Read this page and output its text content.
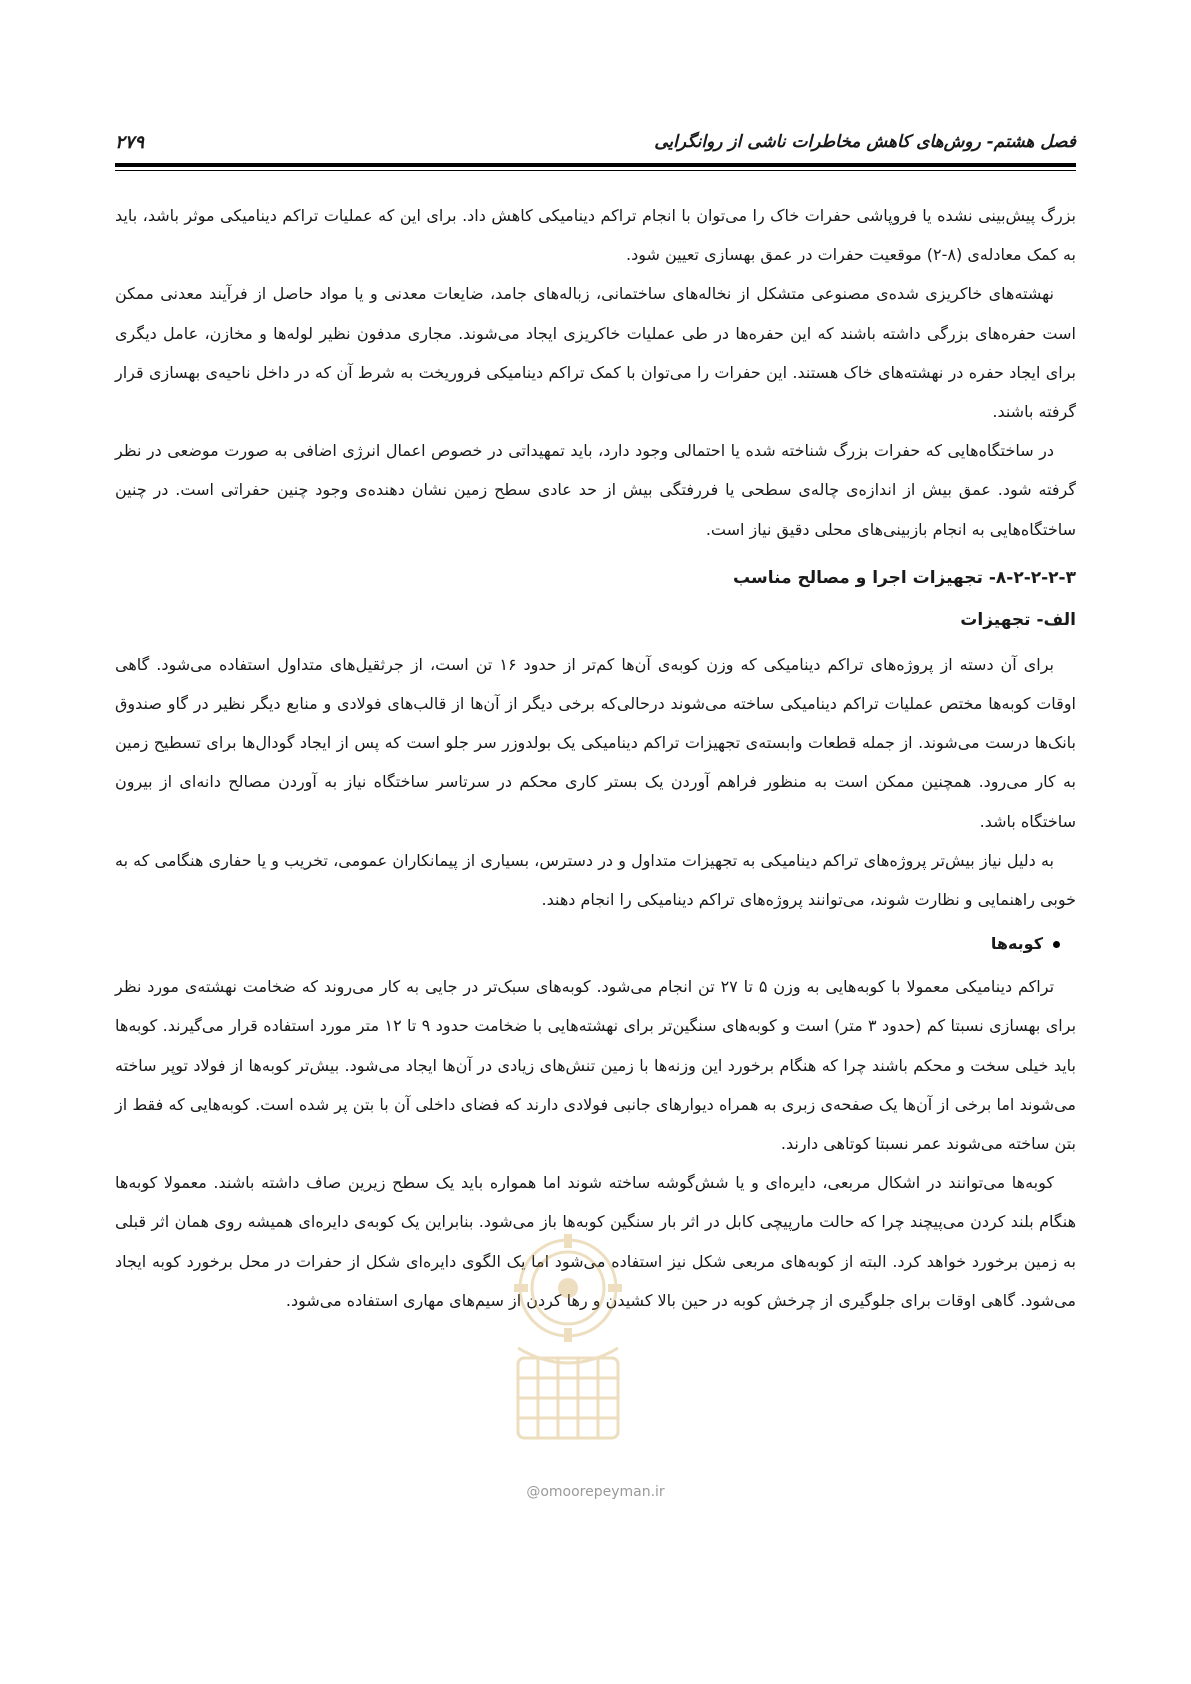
فصل هشتم- روش‌های کاهش مخاطرات ناشی از روانگرایی
۲۷۹

بزرگ پیش‌بینی نشده یا فروپاشی حفرات خاک را می‌توان با انجام تراکم دینامیکی کاهش داد. برای این که عملیات تراکم دینامیکی موثر باشد، باید به کمک معادله‌ی (۸-۲) موقعیت حفرات در عمق بهسازی تعیین شود.

نهشته‌های خاکریزی شده‌ی مصنوعی متشکل از نخاله‌های ساختمانی، زباله‌های جامد، ضایعات معدنی و یا مواد حاصل از فرآیند معدنی ممکن است حفره‌های بزرگی داشته باشند که این حفره‌ها در طی عملیات خاکریزی ایجاد می‌شوند. مجاری مدفون نظیر لوله‌ها و مخازن، عامل دیگری برای ایجاد حفره در نهشته‌های خاک هستند. این حفرات را می‌توان با کمک تراکم دینامیکی فروریخت به شرط آن که در داخل ناحیه‌ی بهسازی قرار گرفته باشند.

در ساختگاه‌هایی که حفرات بزرگ شناخته شده یا احتمالی وجود دارد، باید تمهیداتی در خصوص اعمال انرژی اضافی به صورت موضعی در نظر گرفته شود. عمق بیش از اندازه‌ی چاله‌ی سطحی یا فررفتگی بیش از حد عادی سطح زمین نشان دهنده‌ی وجود چنین حفراتی است. در چنین ساختگاه‌هایی به انجام بازبینی‌های محلی دقیق نیاز است.

۸-۲-۲-۲-۳- تجهیزات اجرا و مصالح مناسب
الف- تجهیزات

برای آن دسته از پروژه‌های تراکم دینامیکی که وزن کوبه‌ی آن‌ها کم‌تر از حدود ۱۶ تن است، از جرثقیل‌های متداول استفاده می‌شود. گاهی اوقات کوبه‌ها مختص عملیات تراکم دینامیکی ساخته می‌شوند درحالی‌که برخی دیگر از آن‌ها از قالب‌های فولادی و منابع دیگر نظیر در گاو صندوق بانک‌ها درست می‌شوند. از جمله قطعات وابسته‌ی تجهیزات تراکم دینامیکی یک بولدوزر سر جلو است که پس از ایجاد گودال‌ها برای تسطیح زمین به کار می‌رود. همچنین ممکن است به منظور فراهم آوردن یک بستر کاری محکم در سرتاسر ساختگاه نیاز به آوردن مصالح دانه‌ای از بیرون ساختگاه باشد.

به دلیل نیاز بیش‌تر پروژه‌های تراکم دینامیکی به تجهیزات متداول و در دسترس، بسیاری از پیمانکاران عمومی، تخریب و یا حفاری هنگامی که به خوبی راهنمایی و نظارت شوند، می‌توانند پروژه‌های تراکم دینامیکی را انجام دهند.

کوبه‌ها

تراکم دینامیکی معمولا با کوبه‌هایی به وزن ۵ تا ۲۷ تن انجام می‌شود. کوبه‌های سبک‌تر در جایی به کار می‌روند که ضخامت نهشته‌ی مورد نظر برای بهسازی نسبتا کم (حدود ۳ متر) است و کوبه‌های سنگین‌تر برای نهشته‌هایی با ضخامت حدود ۹ تا ۱۲ متر مورد استفاده قرار می‌گیرند. کوبه‌ها باید خیلی سخت و محکم باشند چرا که هنگام برخورد این وزنه‌ها با زمین تنش‌های زیادی در آن‌ها ایجاد می‌شود. بیش‌تر کوبه‌ها از فولاد توپر ساخته می‌شوند اما برخی از آن‌ها یک صفحه‌ی زبری به همراه دیوارهای جانبی فولادی دارند که فضای داخلی آن با بتن پر شده است. کوبه‌هایی که فقط از بتن ساخته می‌شوند عمر نسبتا کوتاهی دارند.

کوبه‌ها می‌توانند در اشکال مربعی، دایره‌ای و یا شش‌گوشه ساخته شوند اما همواره باید یک سطح زیرین صاف داشته باشند. معمولا کوبه‌ها هنگام بلند کردن می‌پیچند چرا که حالت مارپیچی کابل در اثر بار سنگین کوبه‌ها باز می‌شود. بنابراین یک کوبه‌ی دایره‌ای همیشه روی همان اثر قبلی به زمین برخورد خواهد کرد. البته از کوبه‌های مربعی شکل نیز استفاده می‌شود اما یک الگوی دایره‌ای شکل از حفرات در محل برخورد کوبه ایجاد می‌شود. گاهی اوقات برای جلوگیری از چرخش کوبه در حین بالا کشیدن و رها کردن از سیم‌های مهاری استفاده می‌شود.

@omoorepeyman.ir
